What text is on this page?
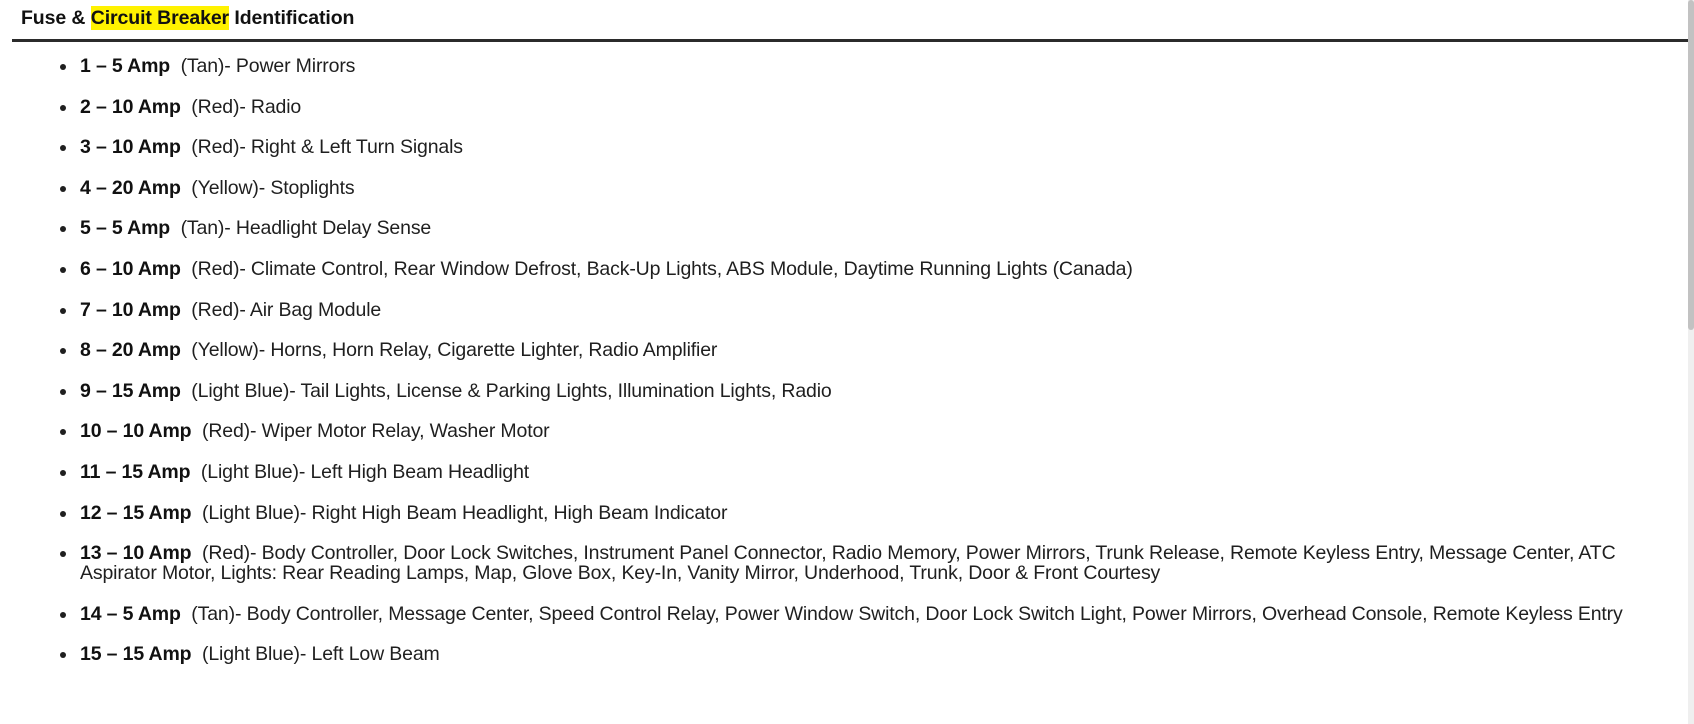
Fuse & Circuit Breaker Identification
1 – 5 Amp (Tan)- Power Mirrors
2 – 10 Amp (Red)- Radio
3 – 10 Amp (Red)- Right & Left Turn Signals
4 – 20 Amp (Yellow)- Stoplights
5 – 5 Amp (Tan)- Headlight Delay Sense
6 – 10 Amp (Red)- Climate Control, Rear Window Defrost, Back-Up Lights, ABS Module, Daytime Running Lights (Canada)
7 – 10 Amp (Red)- Air Bag Module
8 – 20 Amp (Yellow)- Horns, Horn Relay, Cigarette Lighter, Radio Amplifier
9 – 15 Amp (Light Blue)- Tail Lights, License & Parking Lights, Illumination Lights, Radio
10 – 10 Amp (Red)- Wiper Motor Relay, Washer Motor
11 – 15 Amp (Light Blue)- Left High Beam Headlight
12 – 15 Amp (Light Blue)- Right High Beam Headlight, High Beam Indicator
13 – 10 Amp (Red)- Body Controller, Door Lock Switches, Instrument Panel Connector, Radio Memory, Power Mirrors, Trunk Release, Remote Keyless Entry, Message Center, ATC Aspirator Motor, Lights: Rear Reading Lamps, Map, Glove Box, Key-In, Vanity Mirror, Underhood, Trunk, Door & Front Courtesy
14 – 5 Amp (Tan)- Body Controller, Message Center, Speed Control Relay, Power Window Switch, Door Lock Switch Light, Power Mirrors, Overhead Console, Remote Keyless Entry
15 – 15 Amp (Light Blue)- Left Low Beam
